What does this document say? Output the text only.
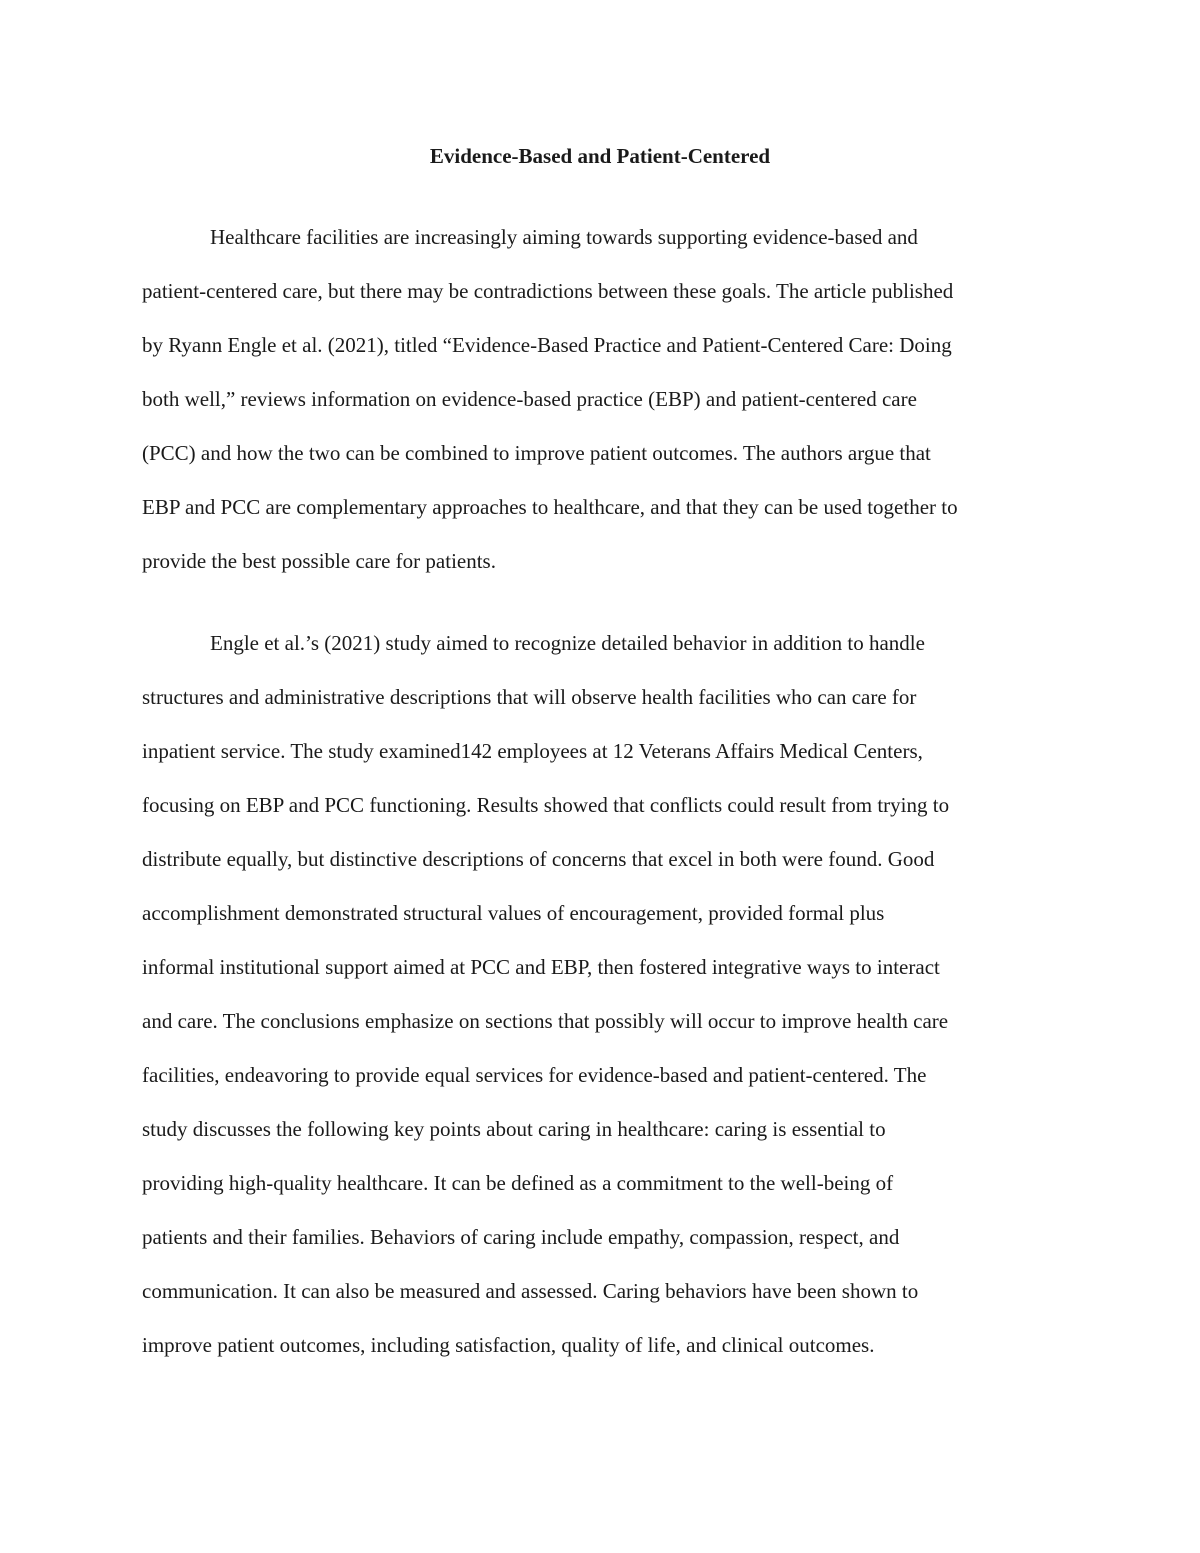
Evidence-Based and Patient-Centered
Healthcare facilities are increasingly aiming towards supporting evidence-based and
patient-centered care, but there may be contradictions between these goals. The article published
by Ryann Engle et al. (2021), titled “Evidence-Based Practice and Patient-Centered Care: Doing
both well,” reviews information on evidence-based practice (EBP) and patient-centered care
(PCC) and how the two can be combined to improve patient outcomes. The authors argue that
EBP and PCC are complementary approaches to healthcare, and that they can be used together to
provide the best possible care for patients.
Engle et al.’s (2021) study aimed to recognize detailed behavior in addition to handle
structures and administrative descriptions that will observe health facilities who can care for
inpatient service. The study examined142 employees at 12 Veterans Affairs Medical Centers,
focusing on EBP and PCC functioning. Results showed that conflicts could result from trying to
distribute equally, but distinctive descriptions of concerns that excel in both were found. Good
accomplishment demonstrated structural values of encouragement, provided formal plus
informal institutional support aimed at PCC and EBP, then fostered integrative ways to interact
and care. The conclusions emphasize on sections that possibly will occur to improve health care
facilities, endeavoring to provide equal services for evidence-based and patient-centered. The
study discusses the following key points about caring in healthcare: caring is essential to
providing high-quality healthcare. It can be defined as a commitment to the well-being of
patients and their families. Behaviors of caring include empathy, compassion, respect, and
communication. It can also be measured and assessed. Caring behaviors have been shown to
improve patient outcomes, including satisfaction, quality of life, and clinical outcomes.
